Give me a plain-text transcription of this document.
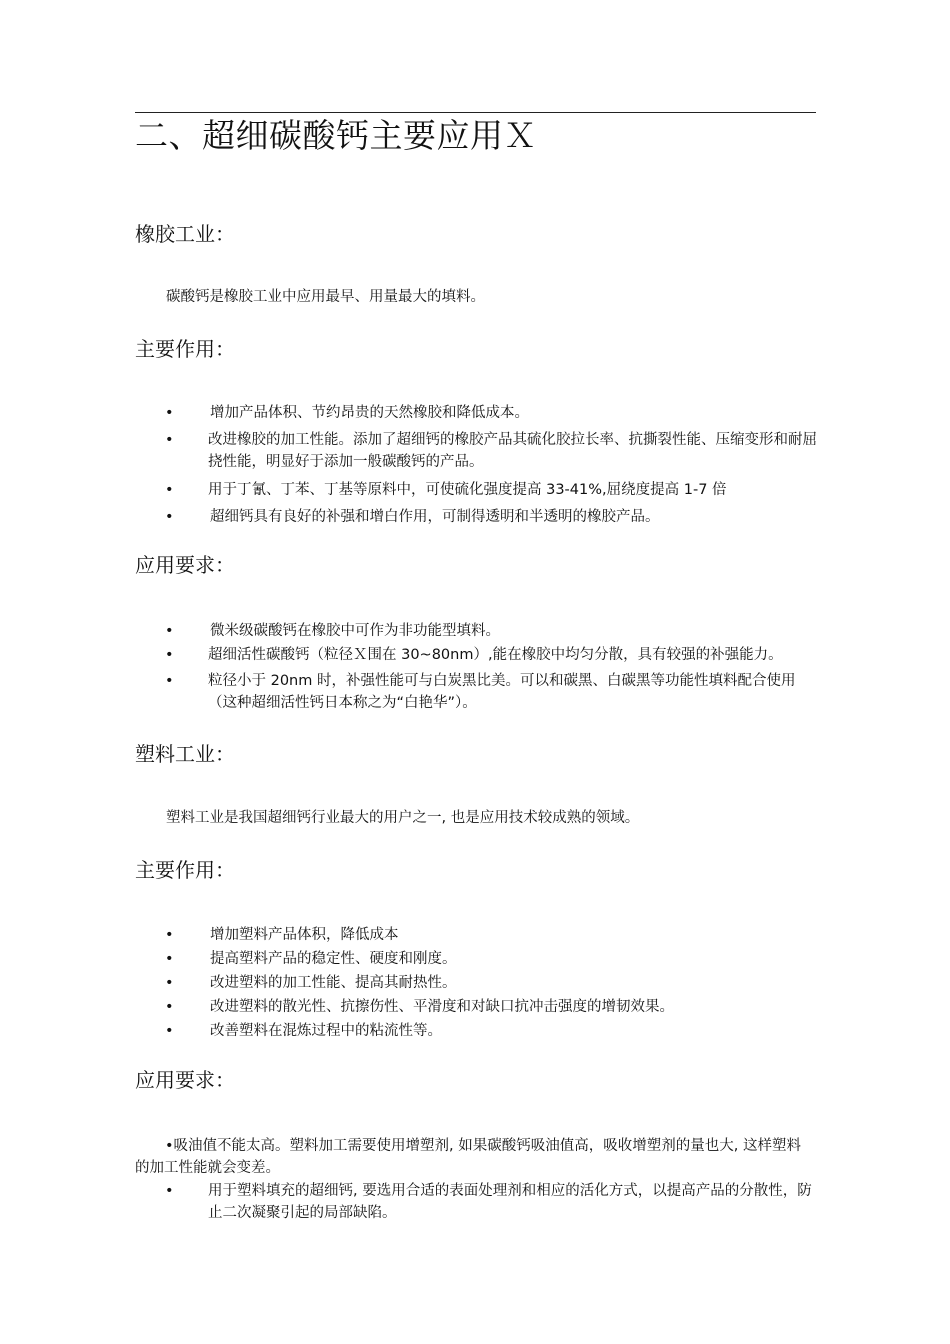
二、超细碳酸钙主要应用Ｘ
橡胶工业：

碳酸钙是橡胶工业中应用最早、用量最大的填料。

主要作用：
•	增加产品体积、节约昂贵的天然橡胶和降低成本。
• 改进橡胶的加工性能。添加了超细钙的橡胶产品其硫化胶拉长率、抗撕裂性能、压缩变形和耐屈挠性能，明显好于添加一般碳酸钙的产品。
• 用于丁氰、丁苯、丁基等原料中，可使硫化强度提高 33-41%,屈绕度提高 1-7 倍
•	超细钙具有良好的补强和增白作用，可制得透明和半透明的橡胶产品。
应用要求：
•	微米级碳酸钙在橡胶中可作为非功能型填料。
• 超细活性碳酸钙（粒径Ｘ围在 30~80nm）,能在橡胶中均匀分散，具有较强的补强能力。
• 粒径小于 20nm 时，补强性能可与白炭黑比美。可以和碳黑、白碳黑等功能性填料配合使用（这种超细活性钙日本称之为“白艳华”）。
塑料工业：

塑料工业是我国超细钙行业最大的用户之一, 也是应用技术较成熟的领域。

主要作用：
•	增加塑料产品体积，降低成本
•	提高塑料产品的稳定性、硬度和刚度。
•	改进塑料的加工性能、提高其耐热性。
•	改进塑料的散光性、抗擦伤性、平滑度和对缺口抗冲击强度的增韧效果。
•	改善塑料在混炼过程中的粘流性等。
应用要求：

•吸油值不能太高。塑料加工需要使用增塑剂, 如果碳酸钙吸油值高，吸收增塑剂的量也大, 这样塑料的加工性能就会变差。

• 用于塑料填充的超细钙, 要选用合适的表面处理剂和相应的活化方式，以提高产品的分散性，防止二次凝聚引起的局部缺陷。
